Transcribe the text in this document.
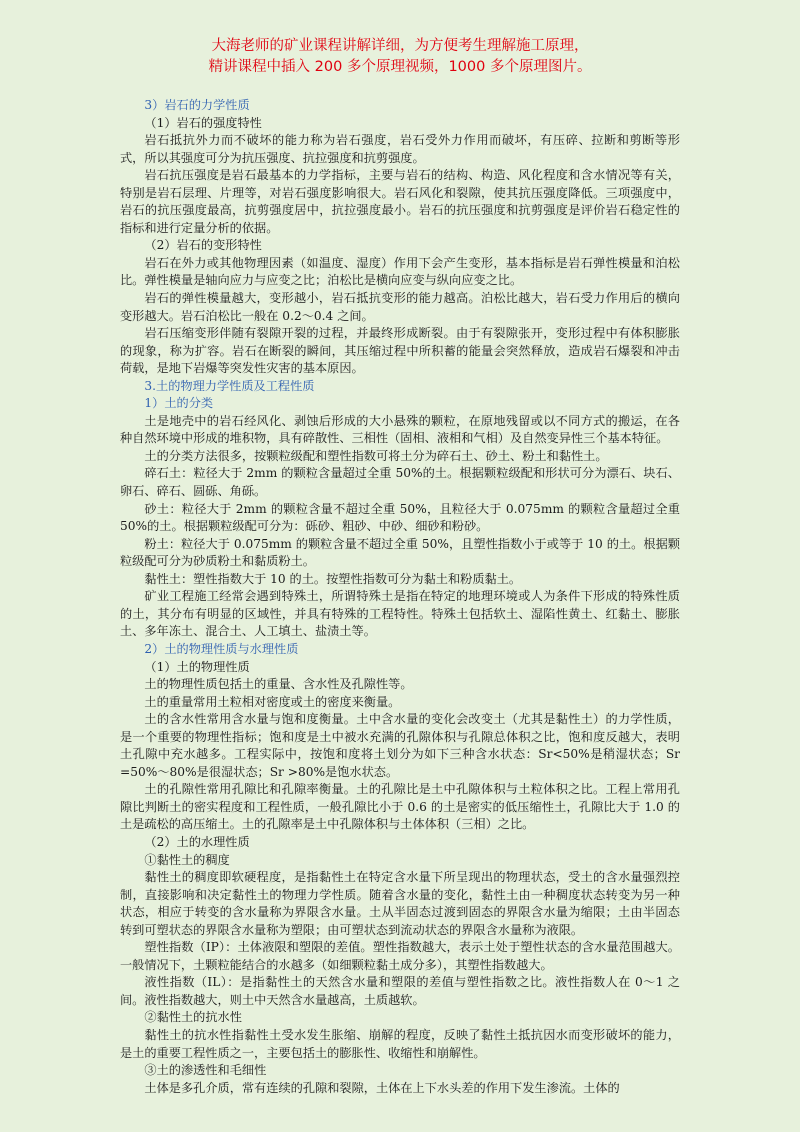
大海老师的矿业课程讲解详细，为方便考生理解施工原理，
精讲课程中插入 200 多个原理视频，1000 多个原理图片。

3）岩石的力学性质

（1）岩石的强度特性

岩石抵抗外力而不破坏的能力称为岩石强度，岩石受外力作用而破坏，有压碎、拉断和剪断等形式，所以其强度可分为抗压强度、抗拉强度和抗剪强度。

岩石抗压强度是岩石最基本的力学指标，主要与岩石的结构、构造、风化程度和含水情况等有关，特别是岩石层理、片理等，对岩石强度影响很大。岩石风化和裂隙，使其抗压强度降低。三项强度中，岩石的抗压强度最高，抗剪强度居中，抗拉强度最小。岩石的抗压强度和抗剪强度是评价岩石稳定性的指标和进行定量分析的依据。

（2）岩石的变形特性

岩石在外力或其他物理因素（如温度、湿度）作用下会产生变形，基本指标是岩石弹性模量和泊松比。弹性模量是轴向应力与应变之比；泊松比是横向应变与纵向应变之比。

岩石的弹性模量越大，变形越小，岩石抵抗变形的能力越高。泊松比越大，岩石受力作用后的横向变形越大。岩石泊松比一般在 0.2～0.4 之间。

岩石压缩变形伴随有裂隙开裂的过程，并最终形成断裂。由于有裂隙张开，变形过程中有体积膨胀的现象，称为扩容。岩石在断裂的瞬间，其压缩过程中所积蓄的能量会突然释放，造成岩石爆裂和冲击荷载，是地下岩爆等突发性灾害的基本原因。

3.土的物理力学性质及工程性质

1）土的分类

土是地壳中的岩石经风化、剥蚀后形成的大小悬殊的颗粒，在原地残留或以不同方式的搬运，在各种自然环境中形成的堆积物，具有碎散性、三相性（固相、液相和气相）及自然变异性三个基本特征。

土的分类方法很多，按颗粒级配和塑性指数可将土分为碎石土、砂土、粉土和黏性土。

碎石土：粒径大于 2mm 的颗粒含量超过全重 50%的土。根据颗粒级配和形状可分为漂石、块石、卵石、碎石、圆砾、角砾。

砂土：粒径大于 2mm 的颗粒含量不超过全重 50%，且粒径大于 0.075mm 的颗粒含量超过全重 50%的土。根据颗粒级配可分为：砾砂、粗砂、中砂、细砂和粉砂。

粉土：粒径大于 0.075mm 的颗粒含量不超过全重 50%，且塑性指数小于或等于 10 的土。根据颗粒级配可分为砂质粉土和黏质粉土。

黏性土：塑性指数大于 10 的土。按塑性指数可分为黏土和粉质黏土。

矿业工程施工经常会遇到特殊土，所谓特殊土是指在特定的地理环境或人为条件下形成的特殊性质的土，其分布有明显的区域性，并具有特殊的工程特性。特殊土包括软土、湿陷性黄土、红黏土、膨胀土、多年冻土、混合土、人工填土、盐渍土等。

2）土的物理性质与水理性质

（1）土的物理性质

土的物理性质包括土的重量、含水性及孔隙性等。

土的重量常用土粒相对密度或土的密度来衡量。

土的含水性常用含水量与饱和度衡量。土中含水量的变化会改变土（尤其是黏性土）的力学性质，是一个重要的物理性指标；饱和度是土中被水充满的孔隙体积与孔隙总体积之比，饱和度反越大，表明土孔隙中充水越多。工程实际中，按饱和度将土划分为如下三种含水状态：Sr<50%是稍湿状态；Sr =50%～80%是很湿状态；Sr >80%是饱水状态。

土的孔隙性常用孔隙比和孔隙率衡量。土的孔隙比是土中孔隙体积与土粒体积之比。工程上常用孔隙比判断土的密实程度和工程性质，一般孔隙比小于 0.6 的土是密实的低压缩性土，孔隙比大于 1.0 的土是疏松的高压缩土。土的孔隙率是土中孔隙体积与土体体积（三相）之比。

（2）土的水理性质

①黏性土的稠度

黏性土的稠度即软硬程度，是指黏性土在特定含水量下所呈现出的物理状态，受土的含水量强烈控制，直接影响和决定黏性土的物理力学性质。随着含水量的变化，黏性土由一种稠度状态转变为另一种状态，相应于转变的含水量称为界限含水量。土从半固态过渡到固态的界限含水量为缩限；土由半固态转到可塑状态的界限含水量称为塑限；由可塑状态到流动状态的界限含水量称为液限。

塑性指数（IP）：土体液限和塑限的差值。塑性指数越大，表示土处于塑性状态的含水量范围越大。一般情况下，土颗粒能结合的水越多（如细颗粒黏土成分多），其塑性指数越大。

液性指数（IL）：是指黏性土的天然含水量和塑限的差值与塑性指数之比。液性指数人在 0～1 之间。液性指数越大，则土中天然含水量越高，土质越软。

②黏性土的抗水性

黏性土的抗水性指黏性土受水发生胀缩、崩解的程度，反映了黏性土抵抗因水而变形破坏的能力，是土的重要工程性质之一，主要包括土的膨胀性、收缩性和崩解性。

③土的渗透性和毛细性

土体是多孔介质，常有连续的孔隙和裂隙，土体在上下水头差的作用下发生渗流。土体的
